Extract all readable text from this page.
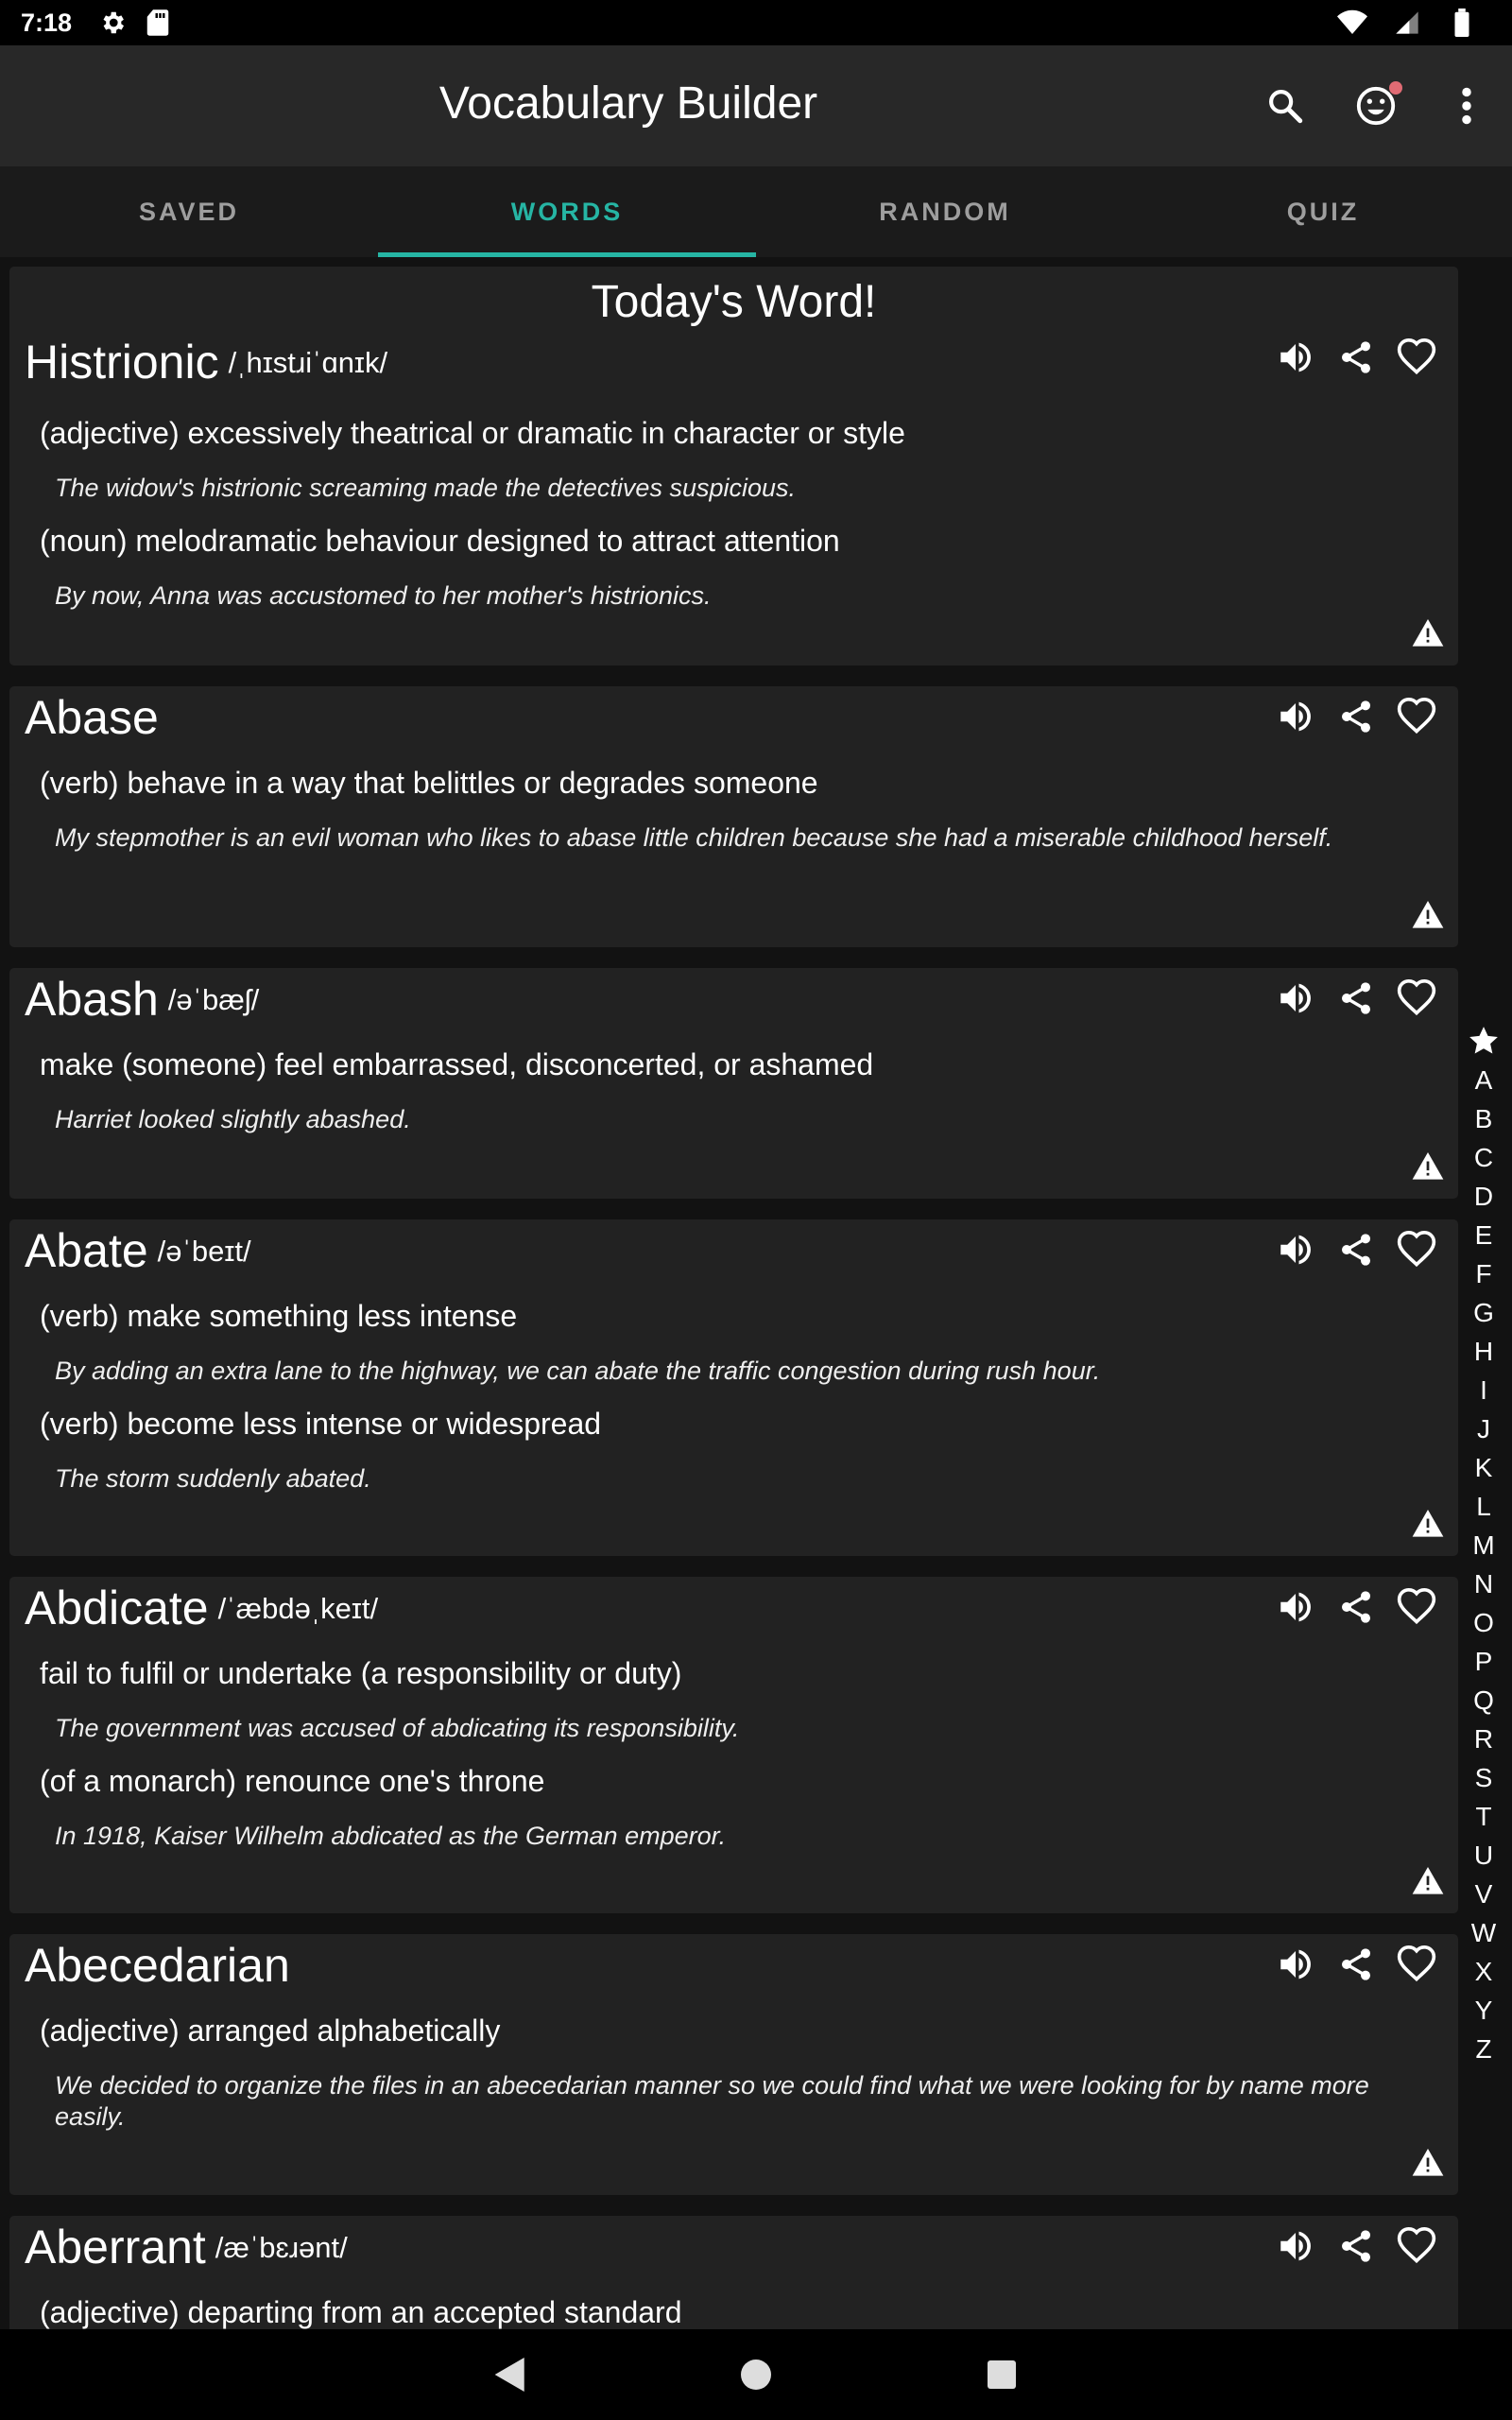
7:18
Vocabulary Builder
SAVED	WORDS	RANDOM	QUIZ
Today's Word!
Histrionic /ˌhɪstɹiˈɑnɪk/
(adjective) excessively theatrical or dramatic in character or style
The widow's histrionic screaming made the detectives suspicious.
(noun) melodramatic behaviour designed to attract attention
By now, Anna was accustomed to her mother's histrionics.
Abase
(verb) behave in a way that belittles or degrades someone
My stepmother is an evil woman who likes to abase little children because she had a miserable childhood herself.
Abash /əˈbæʃ/
make (someone) feel embarrassed, disconcerted, or ashamed
Harriet looked slightly abashed.
Abate /əˈbeɪt/
(verb) make something less intense
By adding an extra lane to the highway, we can abate the traffic congestion during rush hour.
(verb) become less intense or widespread
The storm suddenly abated.
Abdicate /ˈæbdəˌkeɪt/
fail to fulfil or undertake (a responsibility or duty)
The government was accused of abdicating its responsibility.
(of a monarch) renounce one's throne
In 1918, Kaiser Wilhelm abdicated as the German emperor.
Abecedarian
(adjective) arranged alphabetically
We decided to organize the files in an abecedarian manner so we could find what we were looking for by name more easily.
Aberrant /æˈbɛɹənt/
(adjective) departing from an accepted standard
A
B
C
D
E
F
G
H
I
J
K
L
M
N
O
P
Q
R
S
T
U
V
W
X
Y
Z
